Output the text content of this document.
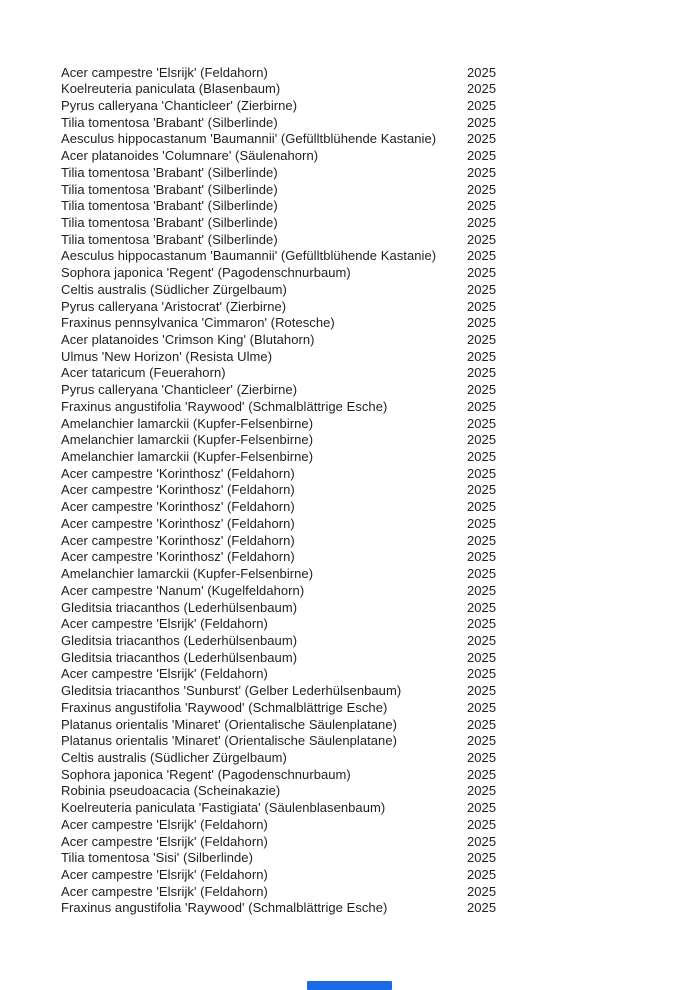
Acer campestre 'Elsrijk' (Feldahorn)	2025
Koelreuteria paniculata (Blasenbaum)	2025
Pyrus calleryana 'Chanticleer' (Zierbirne)	2025
Tilia tomentosa 'Brabant' (Silberlinde)	2025
Aesculus hippocastanum 'Baumannii' (Gefülltblühende Kastanie) 2025
Acer platanoides 'Columnare' (Säulenahorn)	2025
Tilia tomentosa 'Brabant' (Silberlinde)	2025
Tilia tomentosa 'Brabant' (Silberlinde)	2025
Tilia tomentosa 'Brabant' (Silberlinde)	2025
Tilia tomentosa 'Brabant' (Silberlinde)	2025
Tilia tomentosa 'Brabant' (Silberlinde)	2025
Aesculus hippocastanum 'Baumannii' (Gefülltblühende Kastanie) 2025
Sophora japonica 'Regent' (Pagodenschnurbaum)	2025
Celtis australis (Südlicher Zürgelbaum)	2025
Pyrus calleryana 'Aristocrat' (Zierbirne)	2025
Fraxinus pennsylvanica 'Cimmaron' (Rotesche)	2025
Acer platanoides 'Crimson King' (Blutahorn)	2025
Ulmus 'New Horizon' (Resista Ulme)	2025
Acer tataricum (Feuerahorn)	2025
Pyrus calleryana 'Chanticleer' (Zierbirne)	2025
Fraxinus angustifolia 'Raywood' (Schmalblättrige Esche)	2025
Amelanchier lamarckii (Kupfer-Felsenbirne)	2025
Amelanchier lamarckii (Kupfer-Felsenbirne)	2025
Amelanchier lamarckii (Kupfer-Felsenbirne)	2025
Acer campestre 'Korinthosz' (Feldahorn)	2025
Acer campestre 'Korinthosz' (Feldahorn)	2025
Acer campestre 'Korinthosz' (Feldahorn)	2025
Acer campestre 'Korinthosz' (Feldahorn)	2025
Acer campestre 'Korinthosz' (Feldahorn)	2025
Acer campestre 'Korinthosz' (Feldahorn)	2025
Amelanchier lamarckii (Kupfer-Felsenbirne)	2025
Acer campestre 'Nanum' (Kugelfeldahorn)	2025
Gleditsia triacanthos (Lederhülsenbaum)	2025
Acer campestre 'Elsrijk' (Feldahorn)	2025
Gleditsia triacanthos (Lederhülsenbaum)	2025
Gleditsia triacanthos (Lederhülsenbaum)	2025
Acer campestre 'Elsrijk' (Feldahorn)	2025
Gleditsia triacanthos 'Sunburst' (Gelber Lederhülsenbaum)	2025
Fraxinus angustifolia 'Raywood' (Schmalblättrige Esche)	2025
Platanus orientalis 'Minaret' (Orientalische Säulenplatane)	2025
Platanus orientalis 'Minaret' (Orientalische Säulenplatane)	2025
Celtis australis (Südlicher Zürgelbaum)	2025
Sophora japonica 'Regent' (Pagodenschnurbaum)	2025
Robinia pseudoacacia (Scheinakazie)	2025
Koelreuteria paniculata 'Fastigiata' (Säulenblasenbaum)	2025
Acer campestre 'Elsrijk' (Feldahorn)	2025
Acer campestre 'Elsrijk' (Feldahorn)	2025
Tilia tomentosa 'Sisi' (Silberlinde)	2025
Acer campestre 'Elsrijk' (Feldahorn)	2025
Acer campestre 'Elsrijk' (Feldahorn)	2025
Fraxinus angustifolia 'Raywood' (Schmalblättrige Esche)	2025
